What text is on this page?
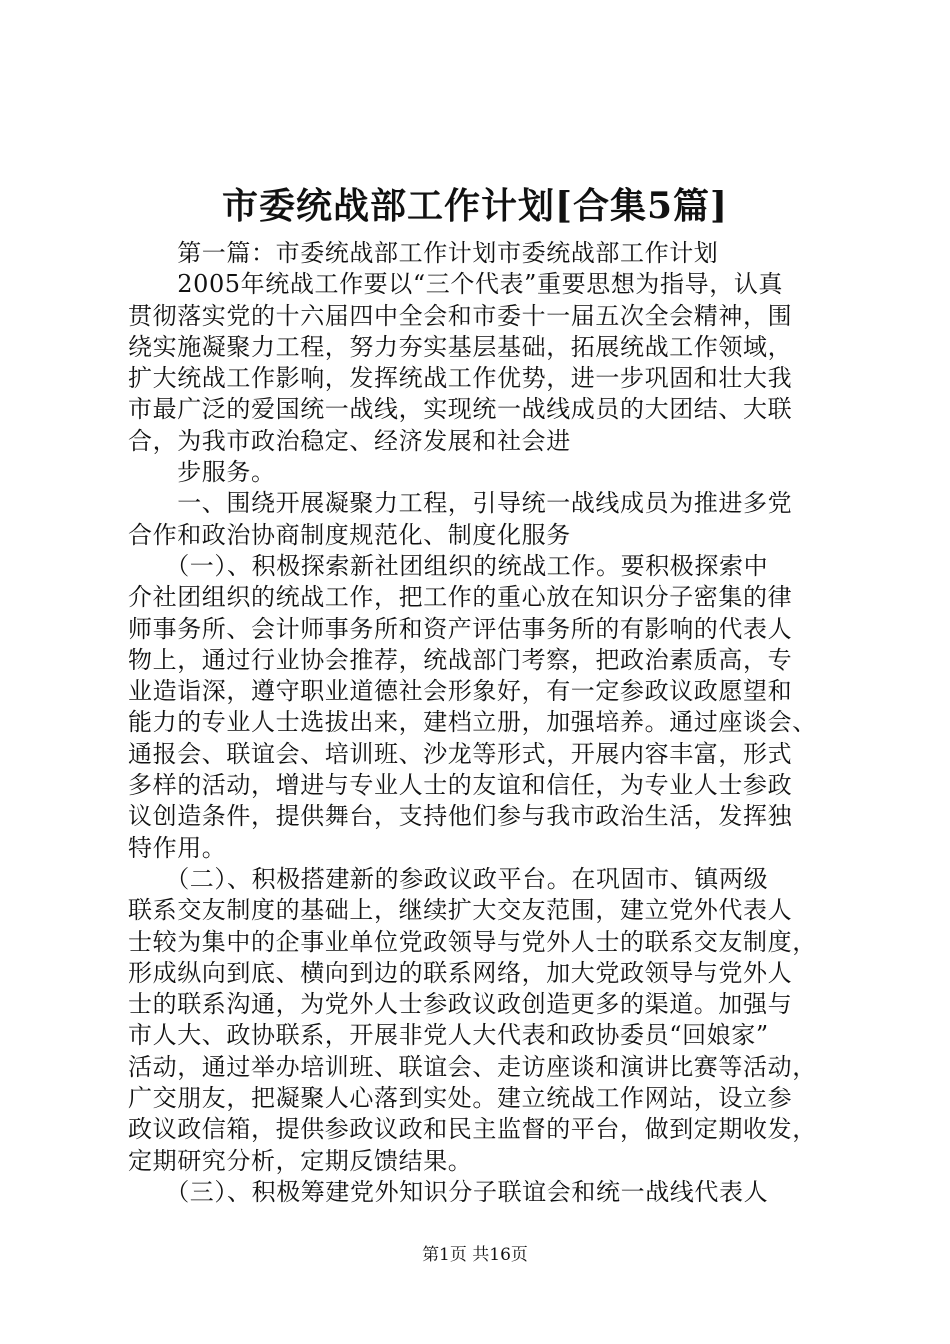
市委统战部工作计划[合集5篇]
　　第一篇：市委统战部工作计划市委统战部工作计划
　　2005年统战工作要以“三个代表”重要思想为指导，认真
贯彻落实党的十六届四中全会和市委十一届五次全会精神，围
绕实施凝聚力工程，努力夯实基层基础，拓展统战工作领域，
扩大统战工作影响，发挥统战工作优势，进一步巩固和壮大我
市最广泛的爱国统一战线，实现统一战线成员的大团结、大联
合，为我市政治稳定、经济发展和社会进
　　步服务。
　　一、围绕开展凝聚力工程，引导统一战线成员为推进多党
合作和政治协商制度规范化、制度化服务
　　（一）、积极探索新社团组织的统战工作。要积极探索中
介社团组织的统战工作，把工作的重心放在知识分子密集的律
师事务所、会计师事务所和资产评估事务所的有影响的代表人
物上，通过行业协会推荐，统战部门考察，把政治素质高，专
业造诣深，遵守职业道德社会形象好，有一定参政议政愿望和
能力的专业人士选拔出来，建档立册，加强培养。通过座谈会、
通报会、联谊会、培训班、沙龙等形式，开展内容丰富，形式
多样的活动，增进与专业人士的友谊和信任，为专业人士参政
议创造条件，提供舞台，支持他们参与我市政治生活，发挥独
特作用。
　　（二）、积极搭建新的参政议政平台。在巩固市、镇两级
联系交友制度的基础上，继续扩大交友范围，建立党外代表人
士较为集中的企事业单位党政领导与党外人士的联系交友制度，
形成纵向到底、横向到边的联系网络，加大党政领导与党外人
士的联系沟通，为党外人士参政议政创造更多的渠道。加强与
市人大、政协联系，开展非党人大代表和政协委员“回娘家”
活动，通过举办培训班、联谊会、走访座谈和演讲比赛等活动，
广交朋友，把凝聚人心落到实处。建立统战工作网站，设立参
政议政信箱，提供参政议政和民主监督的平台，做到定期收发，
定期研究分析，定期反馈结果。
　　（三）、积极筹建党外知识分子联谊会和统一战线代表人
第1页 共16页
